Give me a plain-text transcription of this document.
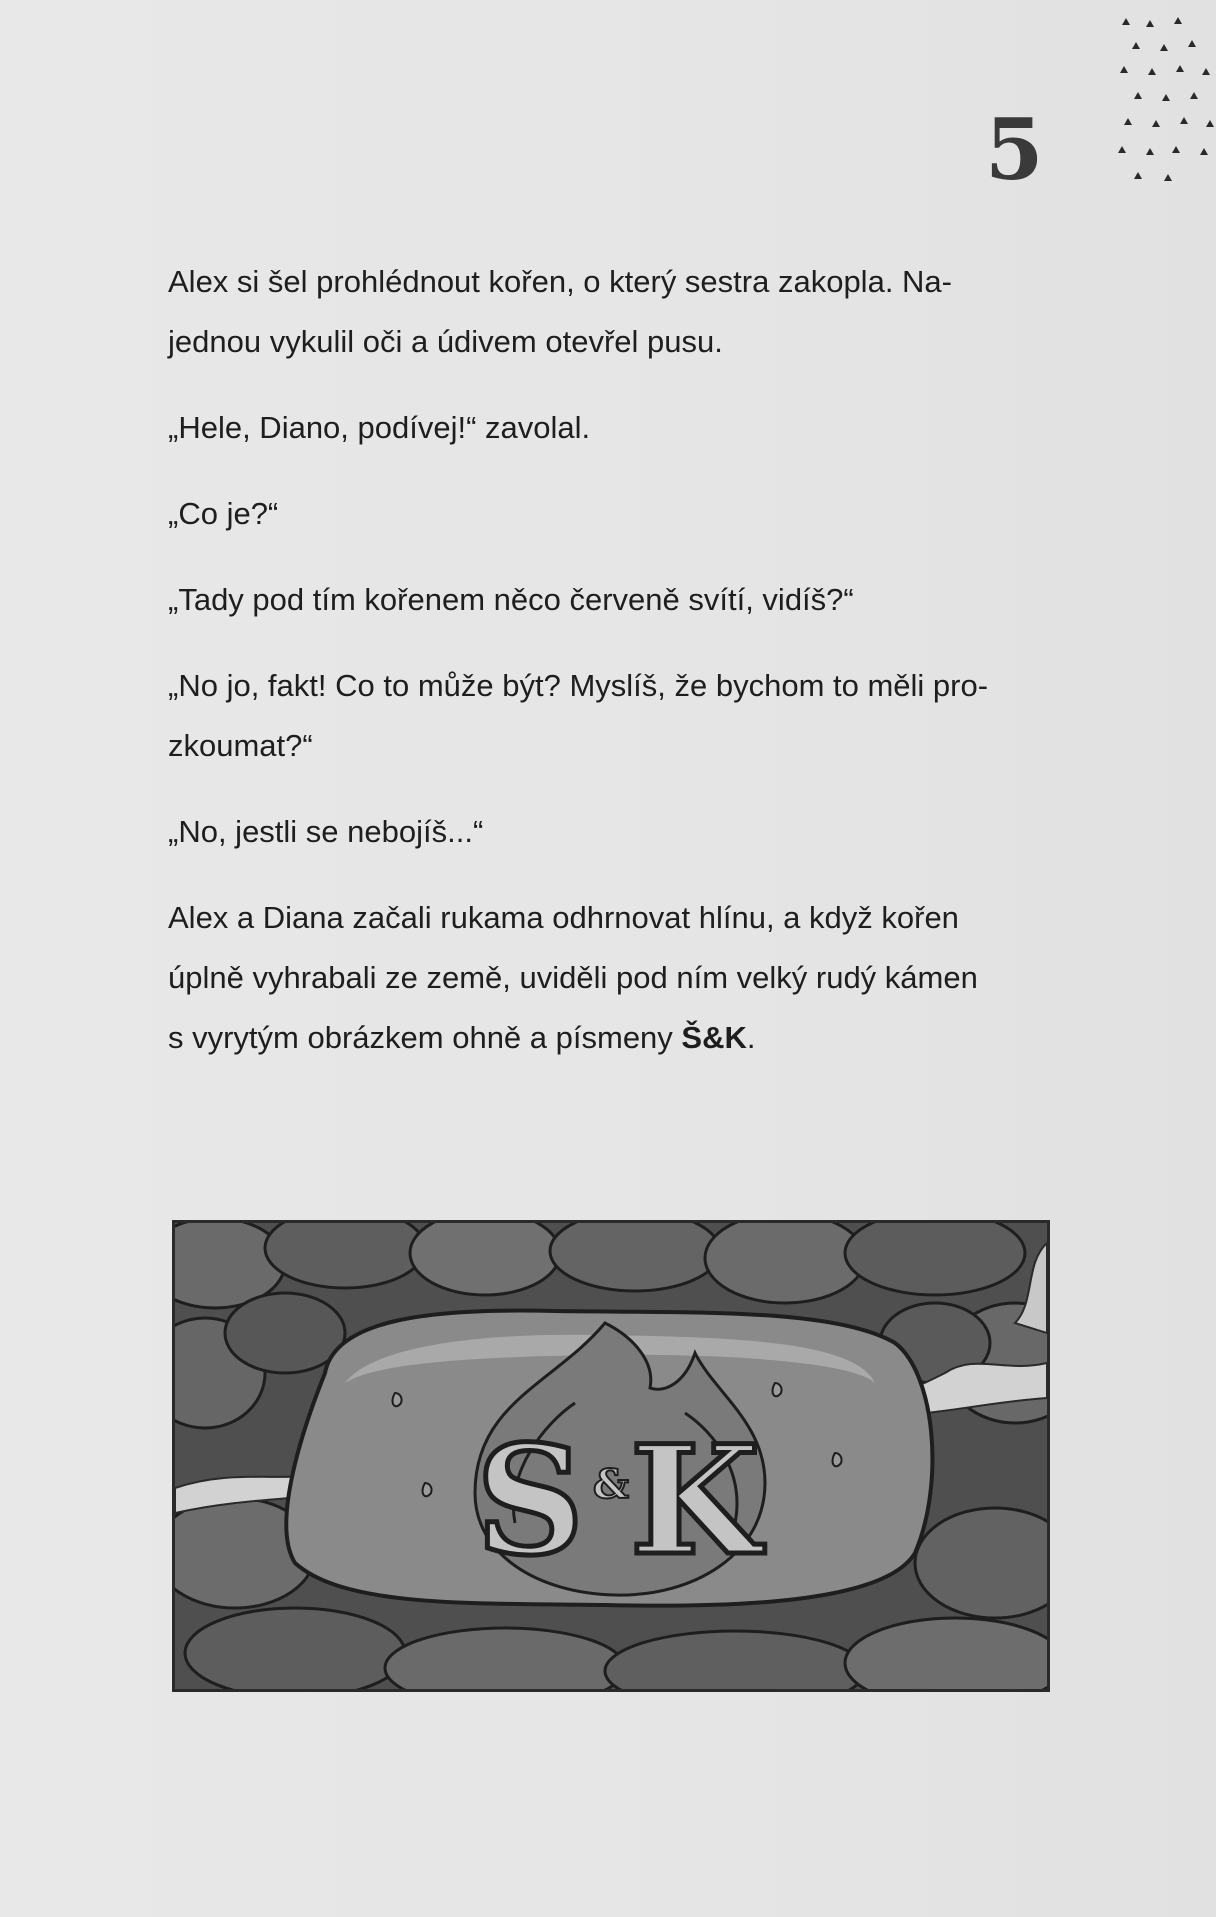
5

Alex si šel prohlédnout kořen, o který sestra zakopla. Na-
jednou vykulil oči a údivem otevřel pusu.

„Hele, Diano, podívej!“ zavolal.

„Co je?“

„Tady pod tím kořenem něco červeně svítí, vidíš?“

„No jo, fakt! Co to může být? Myslíš, že bychom to měli pro-
zkoumat?“

„No, jestli se nebojíš...“

Alex a Diana začali rukama odhrnovat hlínu, a když kořen
úplně vyhrabali ze země, uviděli pod ním velký rudý kámen
s vyrytým obrázkem ohně a písmeny Š&K.

S K
&
